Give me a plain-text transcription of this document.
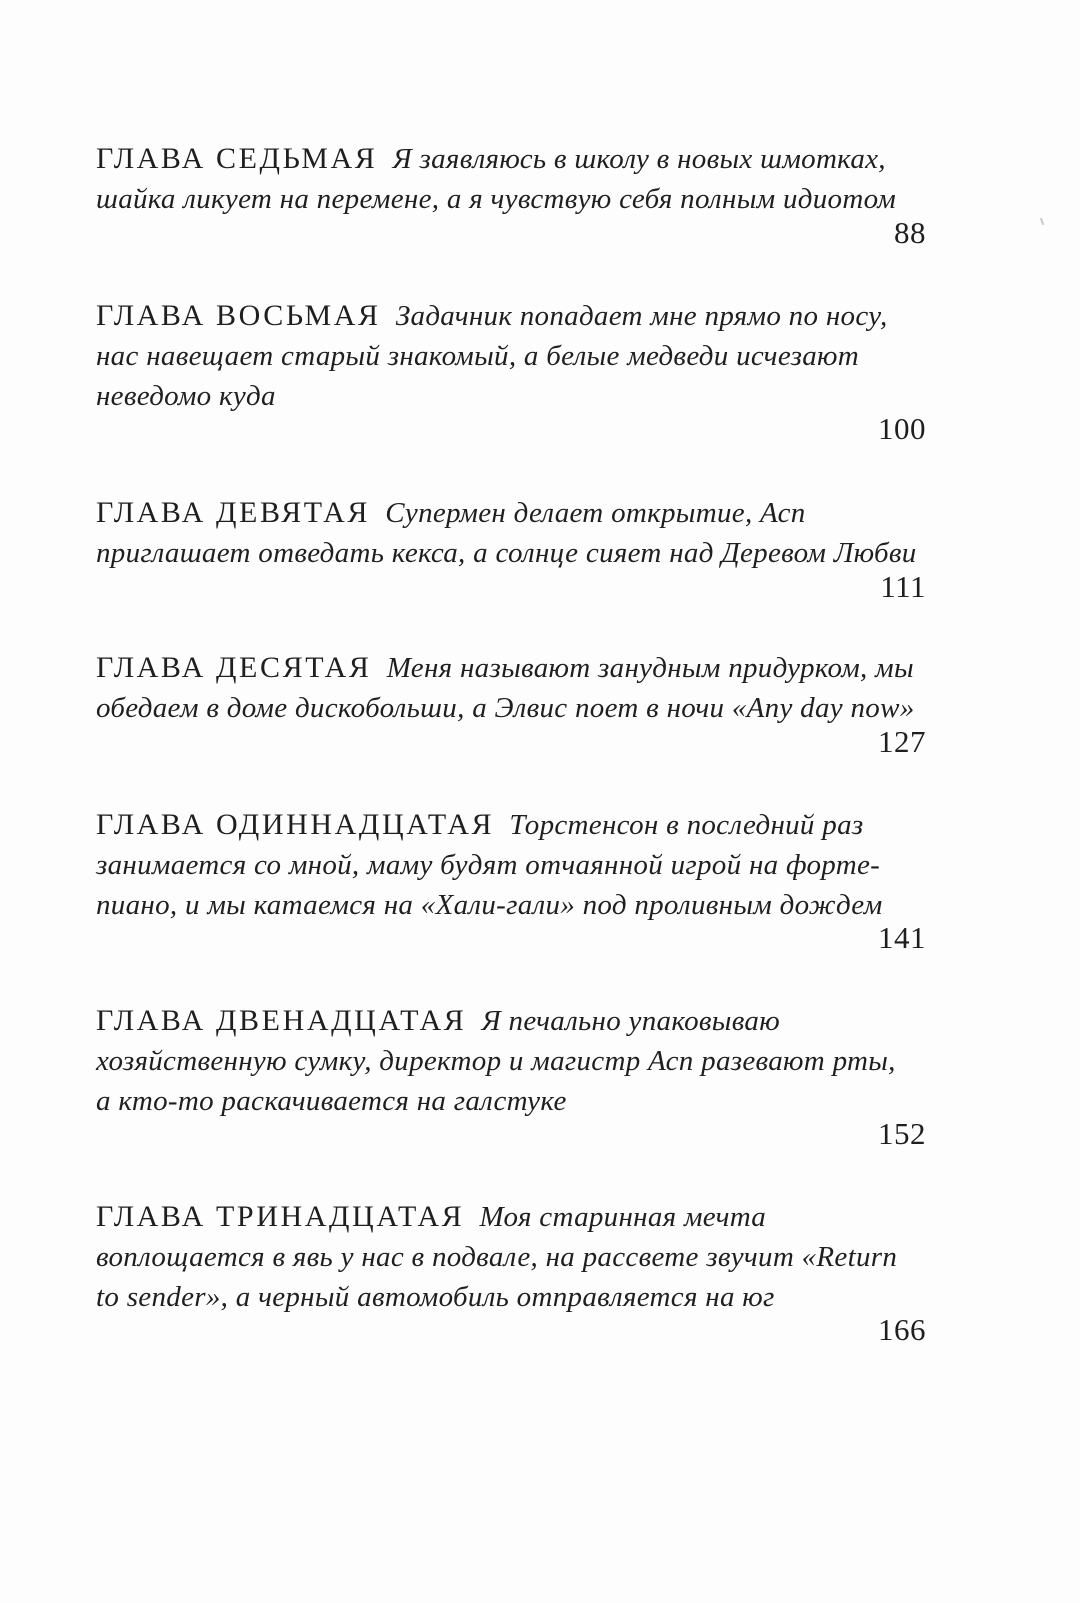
ГЛАВА СЕДЬМАЯ Я заявляюсь в школу в новых шмотках,
шайка ликует на перемене, а я чувствую себя полным идиотом
88
ГЛАВА ВОСЬМАЯ Задачник попадает мне прямо по носу,
нас навещает старый знакомый, а белые медведи исчезают
неведомо куда
100
ГЛАВА ДЕВЯТАЯ Супермен делает открытие, Асп
приглашает отведать кекса, а солнце сияет над Деревом Любви
111
ГЛАВА ДЕСЯТАЯ Меня называют занудным придурком, мы
обедаем в доме дискобольши, а Элвис поет в ночи «Any day now»
127
ГЛАВА ОДИННАДЦАТАЯ Торстенсон в последний раз
занимается со мной, маму будят отчаянной игрой на форте-
пиано, и мы катаемся на «Хали-гали» под проливным дождем
141
ГЛАВА ДВЕНАДЦАТАЯ Я печально упаковываю
хозяйственную сумку, директор и магистр Асп разевают рты,
а кто-то раскачивается на галстуке
152
ГЛАВА ТРИНАДЦАТАЯ Моя старинная мечта
воплощается в явь у нас в подвале, на рассвете звучит «Return
to sender», а черный автомобиль отправляется на юг
166
